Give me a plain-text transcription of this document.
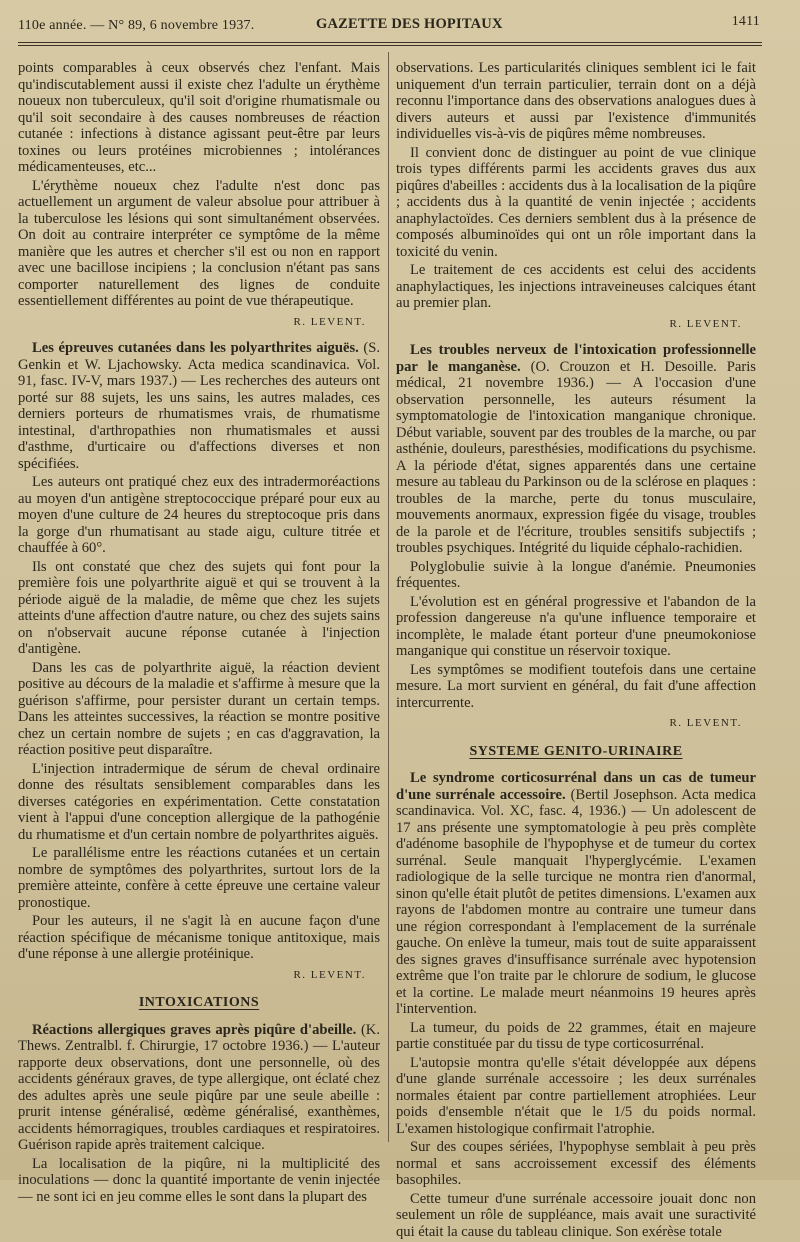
110e année. — N° 89, 6 novembre 1937.	GAZETTE DES HOPITAUX	1411

points comparables à ceux observés chez l'enfant. Mais qu'indiscutablement aussi il existe chez l'adulte un érythème noueux non tuberculeux, qu'il soit d'origine rhumatismale ou qu'il soit secondaire à des causes nombreuses de réaction cutanée : infections à distance agissant peut-être par leurs toxines ou leurs protéines microbiennes ; intolérances médicamenteuses, etc...

L'érythème noueux chez l'adulte n'est donc pas actuellement un argument de valeur absolue pour attribuer à la tuberculose les lésions qui sont simultanément observées. On doit au contraire interpréter ce symptôme de la même manière que les autres et chercher s'il est ou non en rapport avec une bacillose incipiens ; la conclusion n'étant pas sans comporter naturellement des lignes de conduite essentiellement différentes au point de vue thérapeutique.

R. LEVENT.

Les épreuves cutanées dans les polyarthrites aiguës. (S. Genkin et W. Ljachowsky. Acta medica scandinavica. Vol. 91, fasc. IV-V, mars 1937.) — Les recherches des auteurs ont porté sur 88 sujets, les uns sains, les autres malades, ces derniers porteurs de rhumatismes vrais, de rhumatisme intestinal, d'arthropathies non rhumatismales et aussi d'asthme, d'urticaire ou d'affections diverses et non spécifiées.

Les auteurs ont pratiqué chez eux des intradermoréactions au moyen d'un antigène streptococcique préparé pour eux au moyen d'une culture de 24 heures du streptocoque pris dans la gorge d'un rhumatisant au stade aigu, culture titrée et chauffée à 60°.

Ils ont constaté que chez des sujets qui font pour la première fois une polyarthrite aiguë et qui se trouvent à la période aiguë de la maladie, de même que chez les sujets atteints d'une affection d'autre nature, ou chez des sujets sains on n'observait aucune réponse cutanée à l'injection d'antigène.

Dans les cas de polyarthrite aiguë, la réaction devient positive au décours de la maladie et s'affirme à mesure que la guérison s'affirme, pour persister durant un certain temps. Dans les atteintes successives, la réaction se montre positive chez un certain nombre de sujets ; en cas d'aggravation, la réaction positive peut disparaître.

L'injection intradermique de sérum de cheval ordinaire donne des résultats sensiblement comparables dans les diverses catégories en expérimentation. Cette constatation vient à l'appui d'une conception allergique de la pathogénie du rhumatisme et d'un certain nombre de polyarthrites aiguës.

Le parallélisme entre les réactions cutanées et un certain nombre de symptômes des polyarthrites, surtout lors de la première atteinte, confère à cette épreuve une certaine valeur pronostique.

Pour les auteurs, il ne s'agit là en aucune façon d'une réaction spécifique de mécanisme tonique antitoxique, mais d'une réponse à une allergie protéinique.

R. LEVENT.

INTOXICATIONS

Réactions allergiques graves après piqûre d'abeille. (K. Thews. Zentralbl. f. Chirurgie, 17 octobre 1936.) — L'auteur rapporte deux observations, dont une personnelle, où des accidents généraux graves, de type allergique, ont éclaté chez des adultes après une seule piqûre par une seule abeille : prurit intense généralisé, œdème généralisé, exanthèmes, accidents hémorragiques, troubles cardiaques et respiratoires. Guérison rapide après traitement calcique.

La localisation de la piqûre, ni la multiplicité des inoculations — donc la quantité importante de venin injectée — ne sont ici en jeu comme elles le sont dans la plupart des

observations. Les particularités cliniques semblent ici le fait uniquement d'un terrain particulier, terrain dont on a déjà reconnu l'importance dans des observations analogues dues à divers auteurs et aussi par l'existence d'immunités individuelles vis-à-vis de piqûres même nombreuses.

Il convient donc de distinguer au point de vue clinique trois types différents parmi les accidents graves dus aux piqûres d'abeilles : accidents dus à la localisation de la piqûre ; accidents dus à la quantité de venin injectée ; accidents anaphylactoïdes. Ces derniers semblent dus à la présence de composés albuminoïdes qui ont un rôle important dans la toxicité du venin.

Le traitement de ces accidents est celui des accidents anaphylactiques, les injections intraveineuses calciques étant au premier plan.

R. LEVENT.

Les troubles nerveux de l'intoxication professionnelle par le manganèse. (O. Crouzon et H. Desoille. Paris médical, 21 novembre 1936.) — A l'occasion d'une observation personnelle, les auteurs résument la symptomatologie de l'intoxication manganique chronique. Début variable, souvent par des troubles de la marche, ou par asthénie, douleurs, paresthésies, modifications du psychisme. A la période d'état, signes apparentés dans une certaine mesure au tableau du Parkinson ou de la sclérose en plaques : troubles de la marche, perte du tonus musculaire, mouvements anormaux, expression figée du visage, troubles de la parole et de l'écriture, troubles sensitifs subjectifs ; troubles psychiques. Intégrité du liquide céphalo-rachidien.

Polyglobulie suivie à la longue d'anémie. Pneumonies fréquentes.

L'évolution est en général progressive et l'abandon de la profession dangereuse n'a qu'une influence temporaire et incomplète, le malade étant porteur d'une pneumokoniose manganique qui constitue un réservoir toxique.

Les symptômes se modifient toutefois dans une certaine mesure. La mort survient en général, du fait d'une affection intercurrente.

R. LEVENT.

SYSTEME GENITO-URINAIRE

Le syndrome corticosurrénal dans un cas de tumeur d'une surrénale accessoire. (Bertil Josephson. Acta medica scandinavica. Vol. XC, fasc. 4, 1936.) — Un adolescent de 17 ans présente une symptomatologie à peu près complète d'adénome basophile de l'hypophyse et de tumeur du cortex surrénal. Seule manquait l'hyperglycémie. L'examen radiologique de la selle turcique ne montra rien d'anormal, sinon qu'elle était plutôt de petites dimensions. L'examen aux rayons de l'abdomen montre au contraire une tumeur dans une région correspondant à l'emplacement de la surrénale gauche. On enlève la tumeur, mais tout de suite apparaissent des signes graves d'insuffisance surrénale avec hypotension extrême que l'on traite par le chlorure de sodium, le glucose et la cortine. Le malade meurt néanmoins 19 heures après l'intervention.

La tumeur, du poids de 22 grammes, était en majeure partie constituée par du tissu de type corticosurrénal.

L'autopsie montra qu'elle s'était développée aux dépens d'une glande surrénale accessoire ; les deux surrénales normales étaient par contre partiellement atrophiées. Leur poids d'ensemble n'était que le 1/5 du poids normal. L'examen histologique confirmait l'atrophie.

Sur des coupes sériées, l'hypophyse semblait à peu près normal et sans accroissement excessif des éléments basophiles.

Cette tumeur d'une surrénale accessoire jouait donc non seulement un rôle de suppléance, mais avait une suractivité qui était la cause du tableau clinique. Son exérèse totale
